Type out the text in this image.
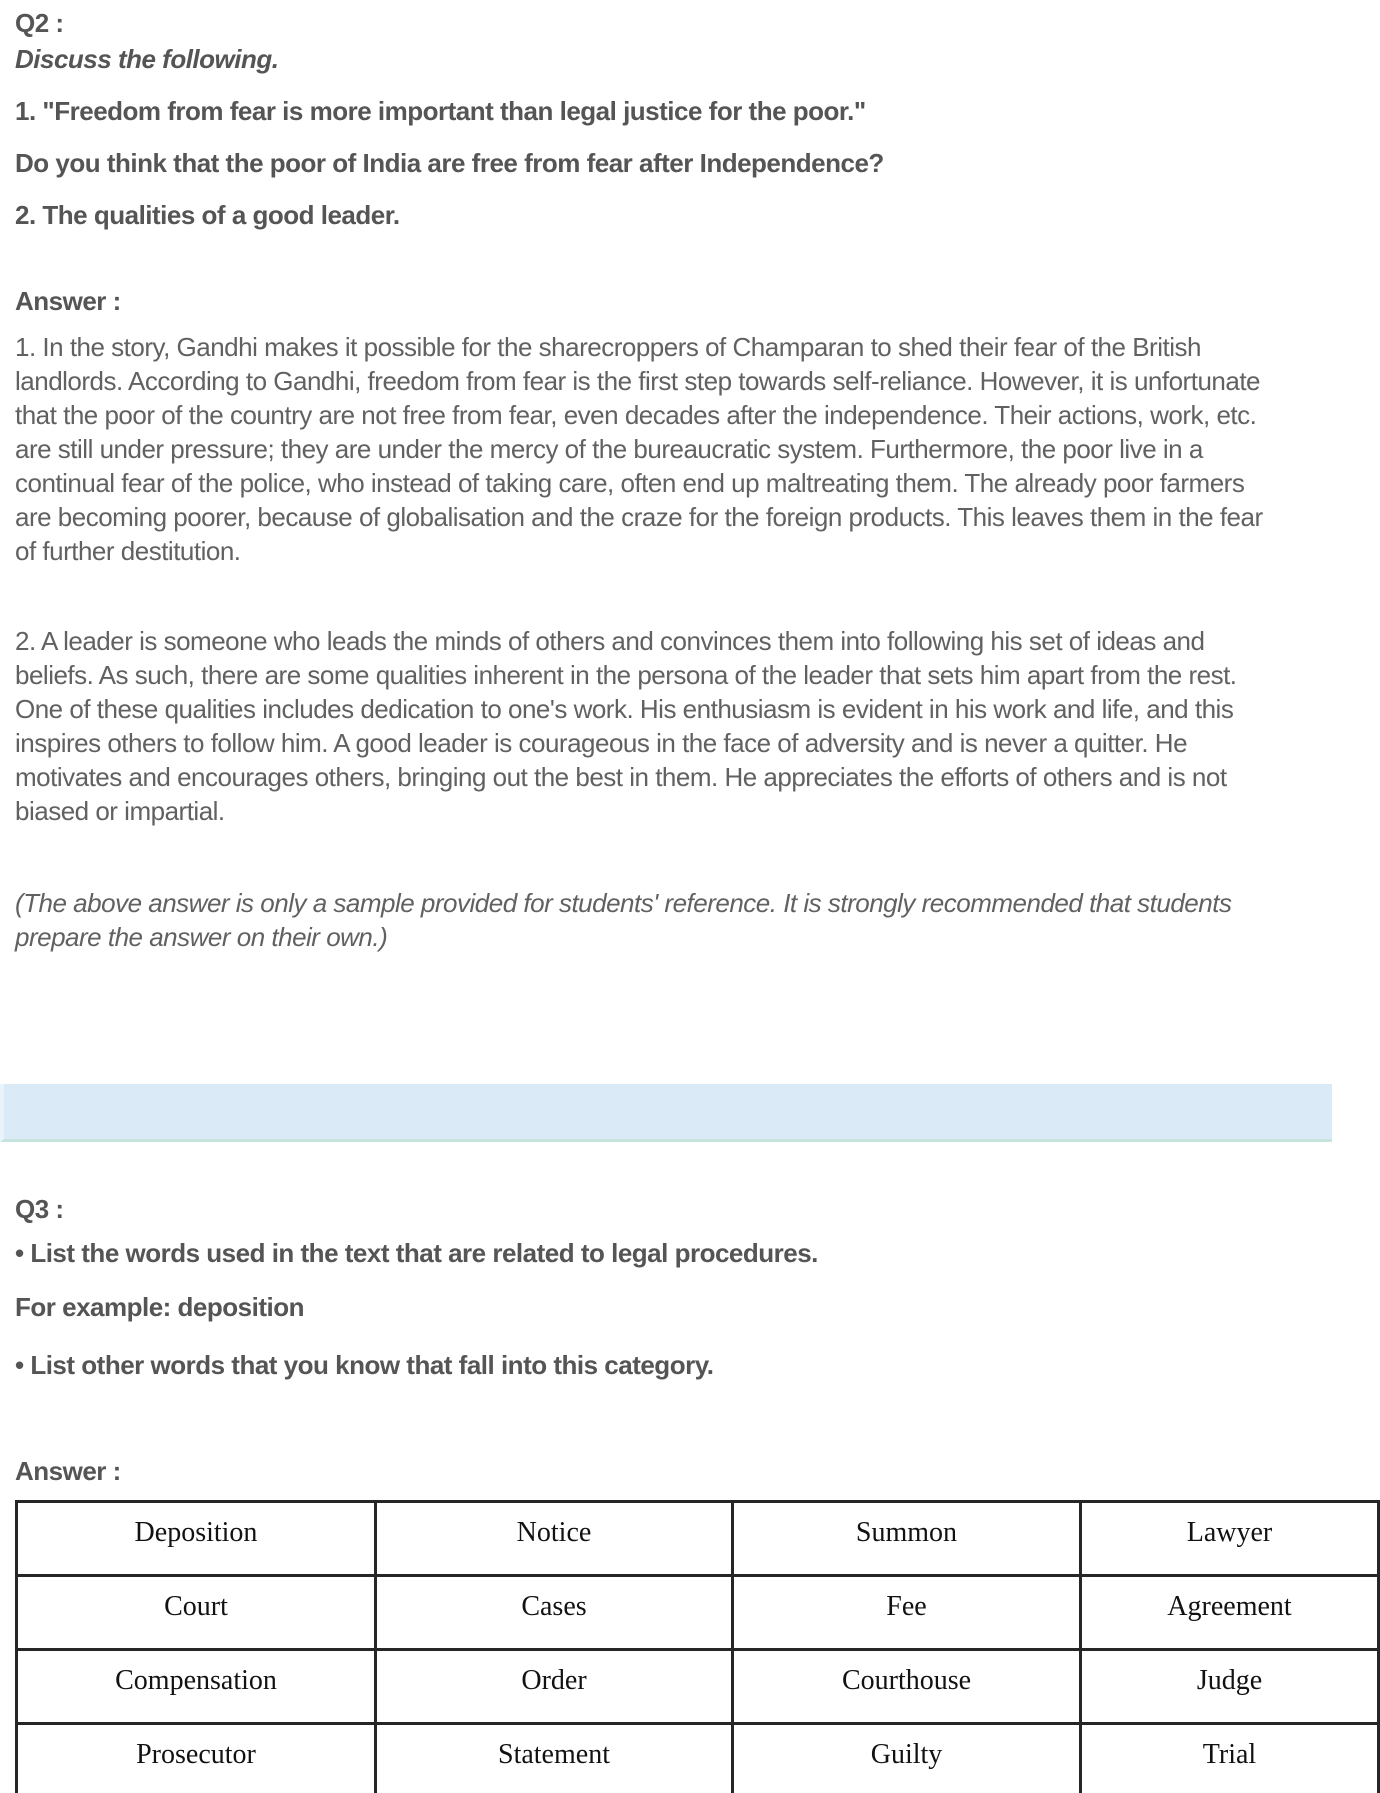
Q2 :

Discuss the following.

1. "Freedom from fear is more important than legal justice for the poor."

Do you think that the poor of India are free from fear after Independence?

2. The qualities of a good leader.

Answer :

1. In the story, Gandhi makes it possible for the sharecroppers of Champaran to shed their fear of the British landlords. According to Gandhi, freedom from fear is the first step towards self-reliance. However, it is unfortunate that the poor of the country are not free from fear, even decades after the independence. Their actions, work, etc. are still under pressure; they are under the mercy of the bureaucratic system. Furthermore, the poor live in a continual fear of the police, who instead of taking care, often end up maltreating them. The already poor farmers are becoming poorer, because of globalisation and the craze for the foreign products. This leaves them in the fear of further destitution.

2. A leader is someone who leads the minds of others and convinces them into following his set of ideas and beliefs. As such, there are some qualities inherent in the persona of the leader that sets him apart from the rest.  One of these qualities includes dedication to one's work. His enthusiasm is evident in his work and life, and this inspires others to follow him. A good leader is courageous in the face of adversity and is never a quitter. He motivates and encourages others, bringing out the best in them. He appreciates the efforts of others and is not biased or impartial.

(The above answer is only a sample provided for students' reference. It is strongly recommended that students prepare the answer on their own.)

Q3 :

• List the words used in the text that are related to legal procedures.

For example: deposition

• List other words that you know that fall into this category.

Answer :

Deposition	Notice	Summon	Lawyer
Court	Cases	Fee	Agreement
Compensation	Order	Courthouse	Judge
Prosecutor	Statement	Guilty	Trial
